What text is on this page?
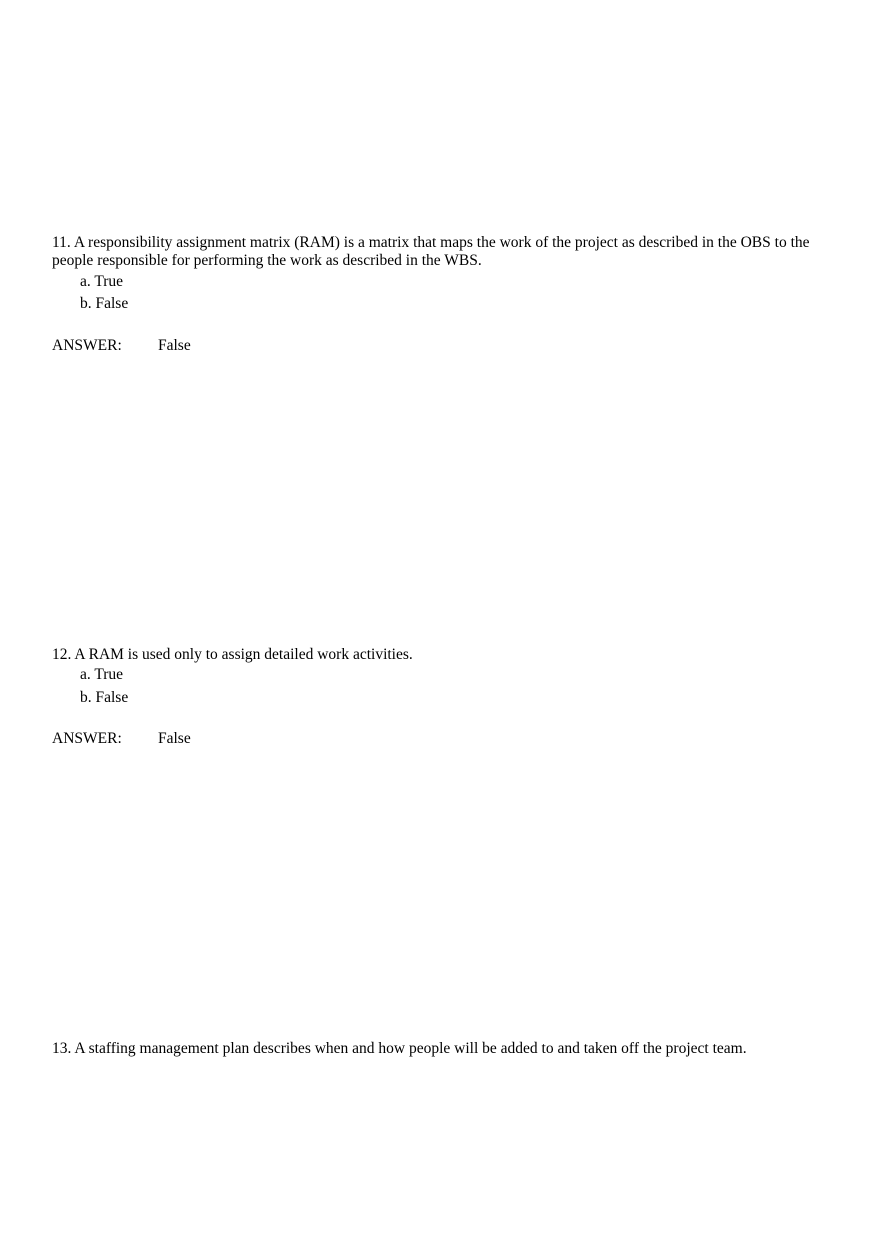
11. A responsibility assignment matrix (RAM) is a matrix that maps the work of the project as described in the OBS to the people responsible for performing the work as described in the WBS.

a. True
b. False
ANSWER: False

12. A RAM is used only to assign detailed work activities.

a. True
b. False
ANSWER: False

13. A staffing management plan describes when and how people will be added to and taken off the project team.
